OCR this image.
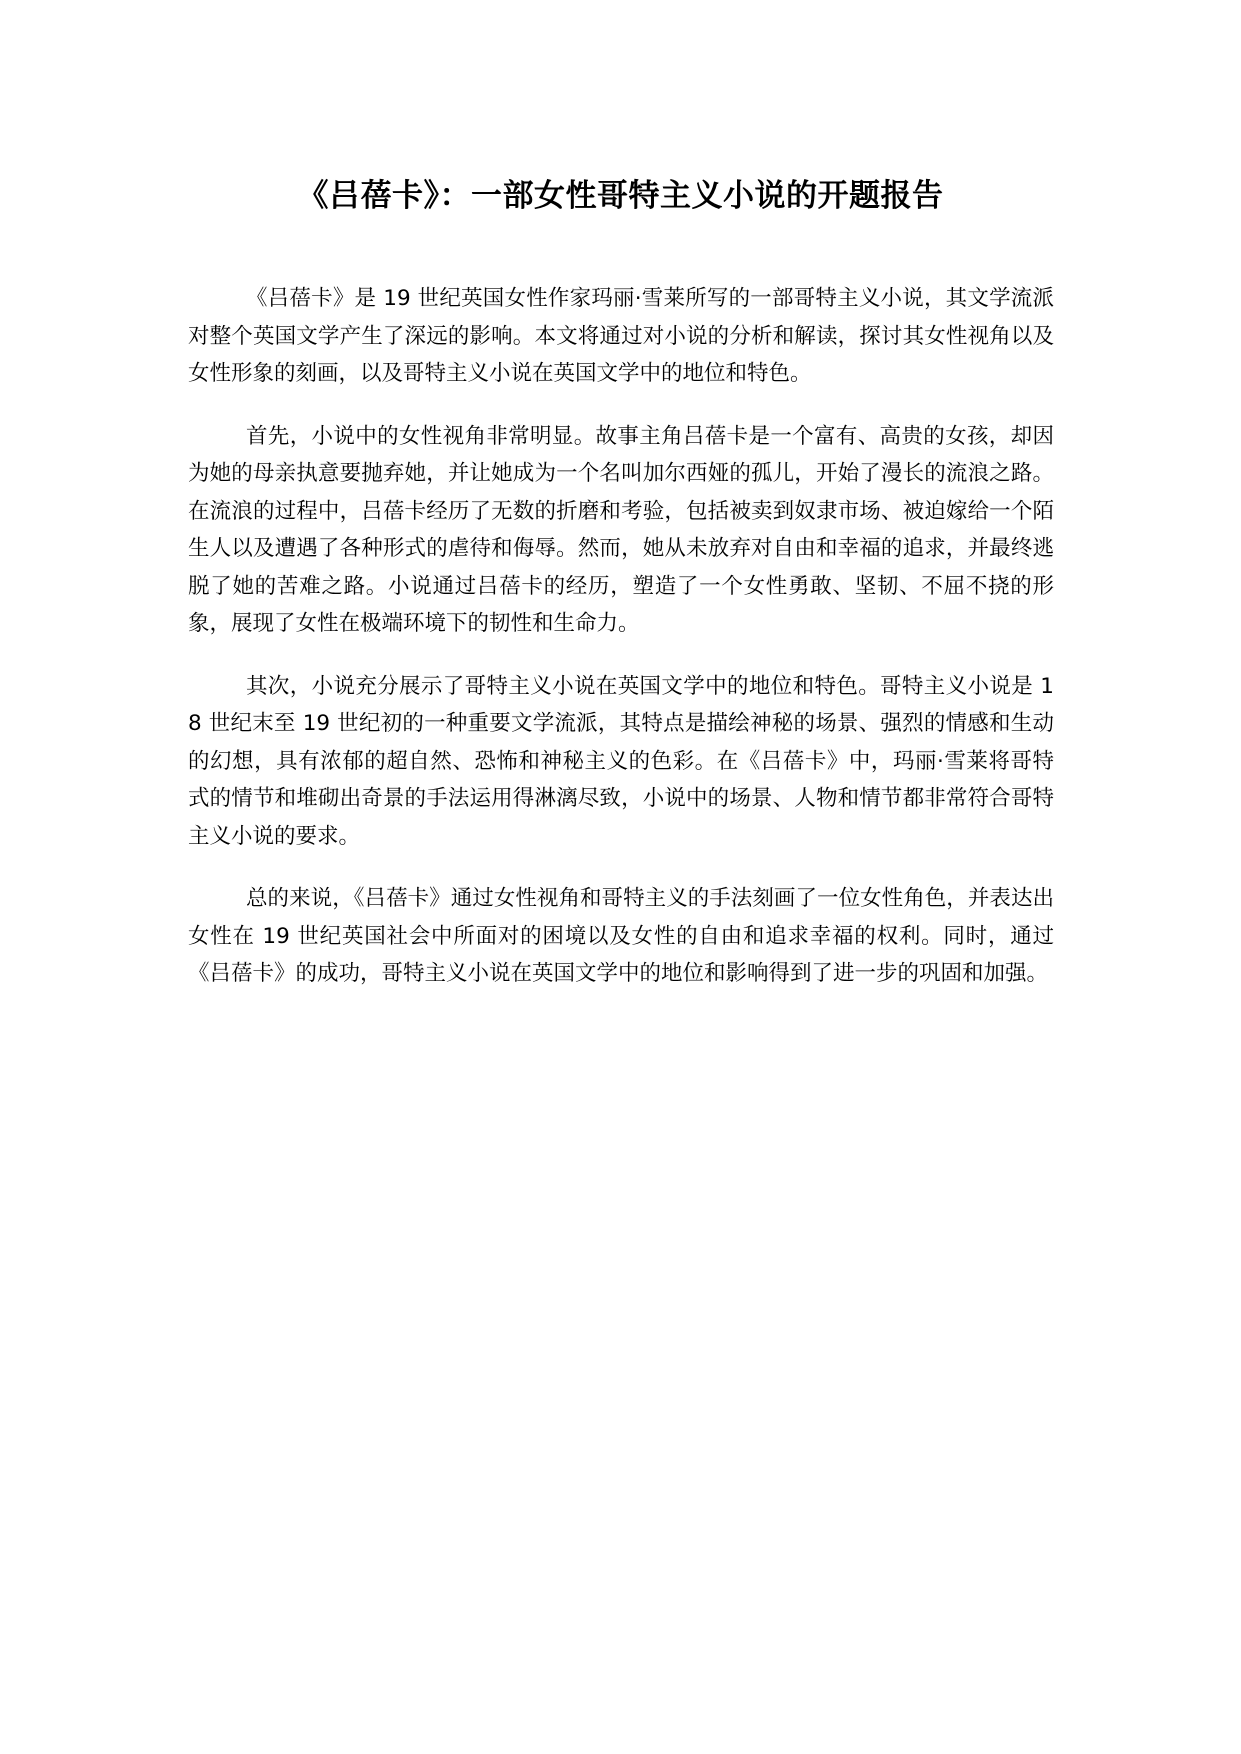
《吕蓓卡》：一部女性哥特主义小说的开题报告

《吕蓓卡》是 19 世纪英国女性作家玛丽·雪莱所写的一部哥特主义小说，其文学流派对整个英国文学产生了深远的影响。本文将通过对小说的分析和解读，探讨其女性视角以及女性形象的刻画，以及哥特主义小说在英国文学中的地位和特色。

首先，小说中的女性视角非常明显。故事主角吕蓓卡是一个富有、高贵的女孩，却因为她的母亲执意要抛弃她，并让她成为一个名叫加尔西娅的孤儿，开始了漫长的流浪之路。在流浪的过程中，吕蓓卡经历了无数的折磨和考验，包括被卖到奴隶市场、被迫嫁给一个陌生人以及遭遇了各种形式的虐待和侮辱。然而，她从未放弃对自由和幸福的追求，并最终逃脱了她的苦难之路。小说通过吕蓓卡的经历，塑造了一个女性勇敢、坚韧、不屈不挠的形象，展现了女性在极端环境下的韧性和生命力。

其次，小说充分展示了哥特主义小说在英国文学中的地位和特色。哥特主义小说是 18 世纪末至 19 世纪初的一种重要文学流派，其特点是描绘神秘的场景、强烈的情感和生动的幻想，具有浓郁的超自然、恐怖和神秘主义的色彩。在《吕蓓卡》中，玛丽·雪莱将哥特式的情节和堆砌出奇景的手法运用得淋漓尽致，小说中的场景、人物和情节都非常符合哥特主义小说的要求。

总的来说，《吕蓓卡》通过女性视角和哥特主义的手法刻画了一位女性角色，并表达出女性在 19 世纪英国社会中所面对的困境以及女性的自由和追求幸福的权利。同时，通过《吕蓓卡》的成功，哥特主义小说在英国文学中的地位和影响得到了进一步的巩固和加强。
